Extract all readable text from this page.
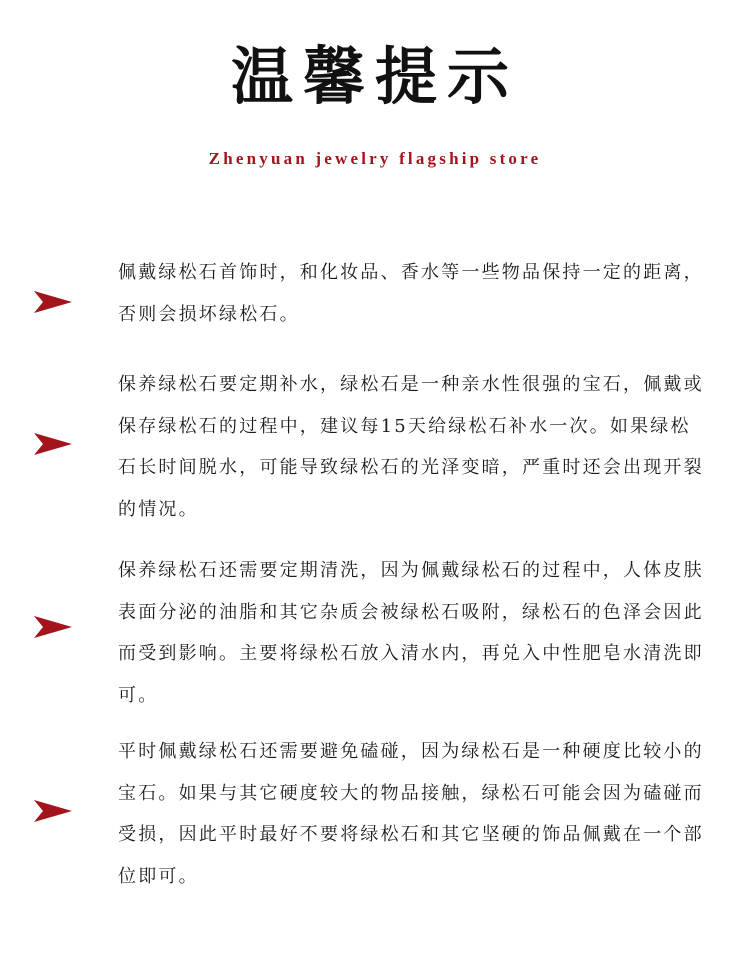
温馨提示
Zhenyuan jewelry flagship store
佩戴绿松石首饰时，和化妆品、香水等一些物品保持一定的距离，否则会损坏绿松石。
保养绿松石要定期补水，绿松石是一种亲水性很强的宝石，佩戴或保存绿松石的过程中，建议每15天给绿松石补水一次。如果绿松石长时间脱水，可能导致绿松石的光泽变暗，严重时还会出现开裂的情况。
保养绿松石还需要定期清洗，因为佩戴绿松石的过程中，人体皮肤表面分泌的油脂和其它杂质会被绿松石吸附，绿松石的色泽会因此而受到影响。主要将绿松石放入清水内，再兑入中性肥皂水清洗即可。
平时佩戴绿松石还需要避免磕碰，因为绿松石是一种硬度比较小的宝石。如果与其它硬度较大的物品接触，绿松石可能会因为磕碰而受损，因此平时最好不要将绿松石和其它坚硬的饰品佩戴在一个部位即可。
